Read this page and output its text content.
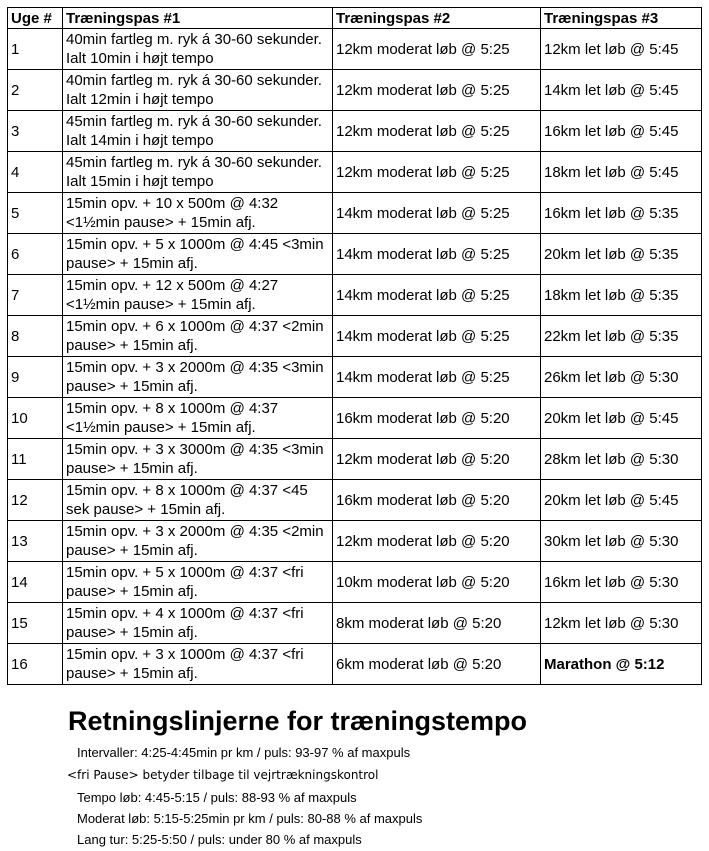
Uge #	Træningspas #1	Træningspas #2	Træningspas #3
1	40min fartleg m. ryk á 30-60 sekunder. Ialt 10min i højt tempo	12km moderat løb @ 5:25	12km let løb @ 5:45
2	40min fartleg m. ryk á 30-60 sekunder. Ialt 12min i højt tempo	12km moderat løb @ 5:25	14km let løb @ 5:45
3	45min fartleg m. ryk á 30-60 sekunder. Ialt 14min i højt tempo	12km moderat løb @ 5:25	16km let løb @ 5:45
4	45min fartleg m. ryk á 30-60 sekunder. Ialt 15min i højt tempo	12km moderat løb @ 5:25	18km let løb @ 5:45
5	15min opv. + 10 x 500m @ 4:32 <1½min pause> + 15min afj.	14km moderat løb @ 5:25	16km let løb @ 5:35
6	15min opv. + 5 x 1000m @ 4:45 <3min pause> + 15min afj.	14km moderat løb @ 5:25	20km let løb @ 5:35
7	15min opv. + 12 x 500m @ 4:27 <1½min pause> + 15min afj.	14km moderat løb @ 5:25	18km let løb @ 5:35
8	15min opv. + 6 x 1000m @ 4:37 <2min pause> + 15min afj.	14km moderat løb @ 5:25	22km let løb @ 5:35
9	15min opv. + 3 x 2000m @ 4:35 <3min pause> + 15min afj.	14km moderat løb @ 5:25	26km let løb @ 5:30
10	15min opv. + 8 x 1000m @ 4:37 <1½min pause> + 15min afj.	16km moderat løb @ 5:20	20km let løb @ 5:45
11	15min opv. + 3 x 3000m @ 4:35 <3min pause> + 15min afj.	12km moderat løb @ 5:20	28km let løb @ 5:30
12	15min opv. + 8 x 1000m @ 4:37 <45 sek pause> + 15min afj.	16km moderat løb @ 5:20	20km let løb @ 5:45
13	15min opv. + 3 x 2000m @ 4:35 <2min pause> + 15min afj.	12km moderat løb @ 5:20	30km let løb @ 5:30
14	15min opv. + 5 x 1000m @ 4:37 <fri pause> + 15min afj.	10km moderat løb @ 5:20	16km let løb @ 5:30
15	15min opv. + 4 x 1000m @ 4:37 <fri pause> + 15min afj.	8km moderat løb @ 5:20	12km let løb @ 5:30
16	15min opv. + 3 x 1000m @ 4:37 <fri pause> + 15min afj.	6km moderat løb @ 5:20	Marathon @ 5:12
Retningslinjerne for træningstempo
Intervaller: 4:25-4:45min pr km / puls: 93-97 % af maxpuls
<fri Pause> betyder tilbage til vejrtrækningskontrol
Tempo løb: 4:45-5:15 / puls: 88-93 % af maxpuls
Moderat løb: 5:15-5:25min pr km / puls: 80-88 % af maxpuls
Lang tur: 5:25-5:50 / puls: under 80 % af maxpuls
